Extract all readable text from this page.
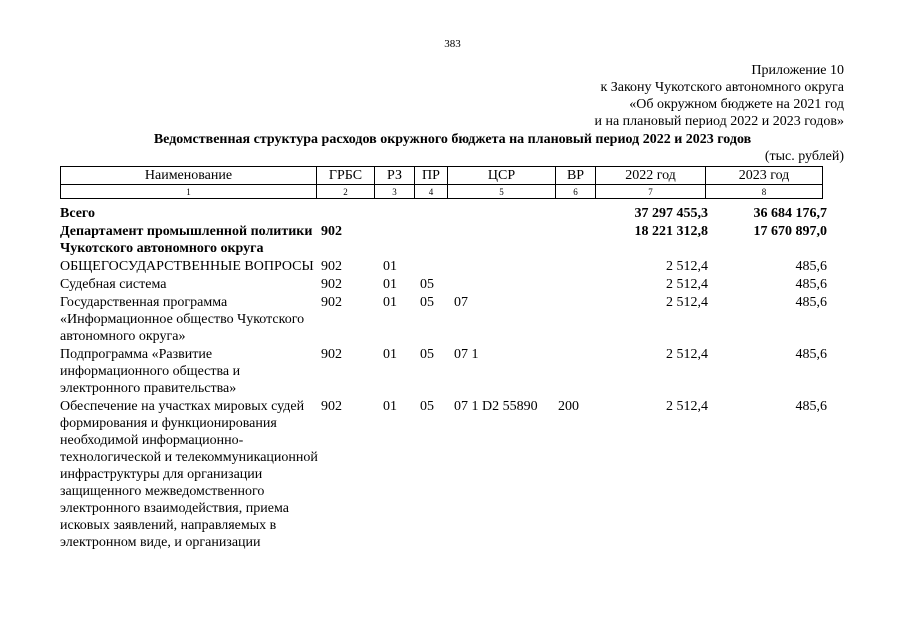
383
Приложение 10
к Закону Чукотского автономного округа
«Об окружном бюджете на 2021 год
и на плановый период 2022 и 2023 годов»
Ведомственная структура расходов окружного бюджета на плановый период 2022 и 2023 годов
(тыс. рублей)
Наименование	ГРБС	РЗ	ПР	ЦСР	ВР	2022 год	2023 год
1	2	3	4	5	6	7	8
Всего						37 297 455,3	36 684 176,7
Департамент промышленной политики Чукотского автономного округа	902					18 221 312,8	17 670 897,0
ОБЩЕГОСУДАРСТВЕННЫЕ ВОПРОСЫ	902	01				2 512,4	485,6
Судебная система	902	01	05			2 512,4	485,6
Государственная программа «Информационное общество Чукотского автономного округа»	902	01	05	07		2 512,4	485,6
Подпрограмма «Развитие информационного общества и электронного правительства»	902	01	05	07 1		2 512,4	485,6
Обеспечение на участках мировых судей формирования и функционирования необходимой информационно-технологической и телекоммуникационной инфраструктуры для организации защищенного межведомственного электронного взаимодействия, приема исковых заявлений, направляемых в электронном виде, и организации	902	01	05	07 1 D2 55890	200	2 512,4	485,6
